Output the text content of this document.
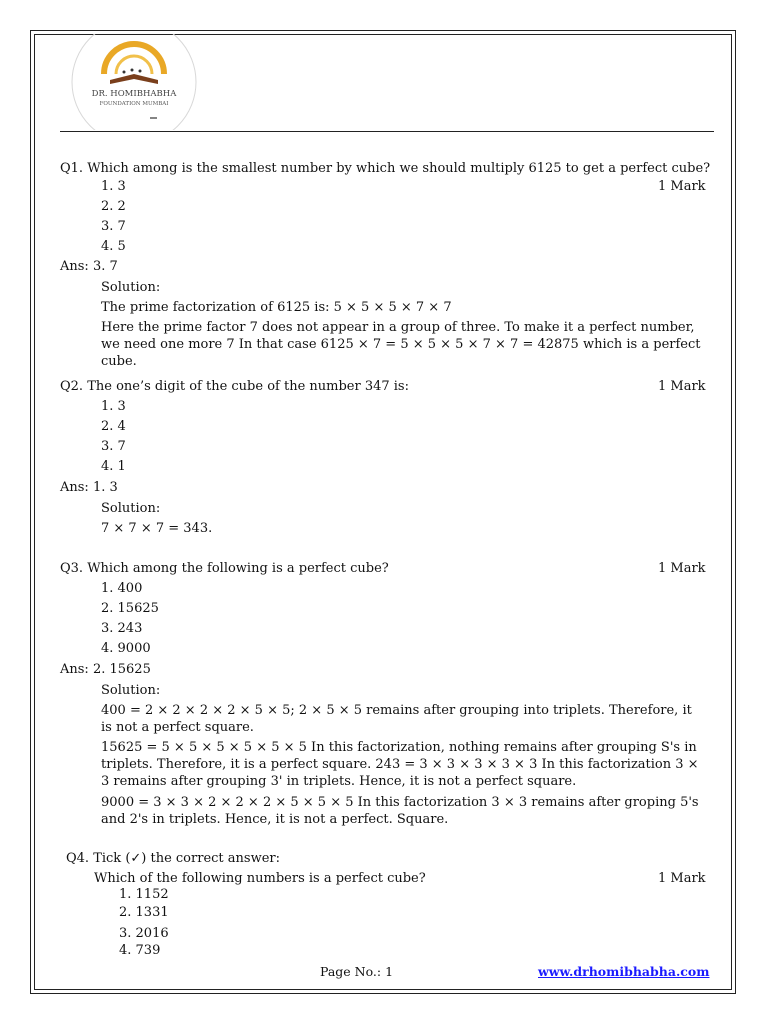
DR. HOMIBHABHA
FOUNDATION MUMBAI
Q1. Which among is the smallest number by which we should multiply 6125 to get a perfect cube?
1 Mark
1. 3
2. 2
3. 7
4. 5
Ans: 3. 7
Solution:
The prime factorization of 6125 is: 5 × 5 × 5 × 7 × 7
Here the prime factor 7 does not appear in a group of three. To make it a perfect number, we need one more 7 In that case 6125 × 7 = 5 × 5 × 5 × 7 × 7 = 42875 which is a perfect cube.
Q2. The one’s digit of the cube of the number 347 is:	1 Mark
1. 3
2. 4
3. 7
4. 1
Ans: 1. 3
Solution:
7 × 7 × 7 = 343.
Q3. Which among the following is a perfect cube?	1 Mark
1. 400
2. 15625
3. 243
4. 9000
Ans: 2. 15625
Solution:
400 = 2 × 2 × 2 × 2 × 5 × 5; 2 × 5 × 5 remains after grouping into triplets. Therefore, it is not a perfect square.
15625 = 5 × 5 × 5 × 5 × 5 × 5 In this factorization, nothing remains after grouping S's in triplets. Therefore, it is a perfect square. 243 = 3 × 3 × 3 × 3 × 3 In this factorization 3 × 3 remains after grouping 3' in triplets. Hence, it is not a perfect square.
9000 = 3 × 3 × 2 × 2 × 2 × 5 × 5 × 5 In this factorization 3 × 3 remains after groping 5's and 2's in triplets. Hence, it is not a perfect. Square.
Q4. Tick (✓) the correct answer:
Which of the following numbers is a perfect cube?	1 Mark
1. 1152
2. 1331
3. 2016
4. 739
Page No.: 1	www.drhomibhabha.com
